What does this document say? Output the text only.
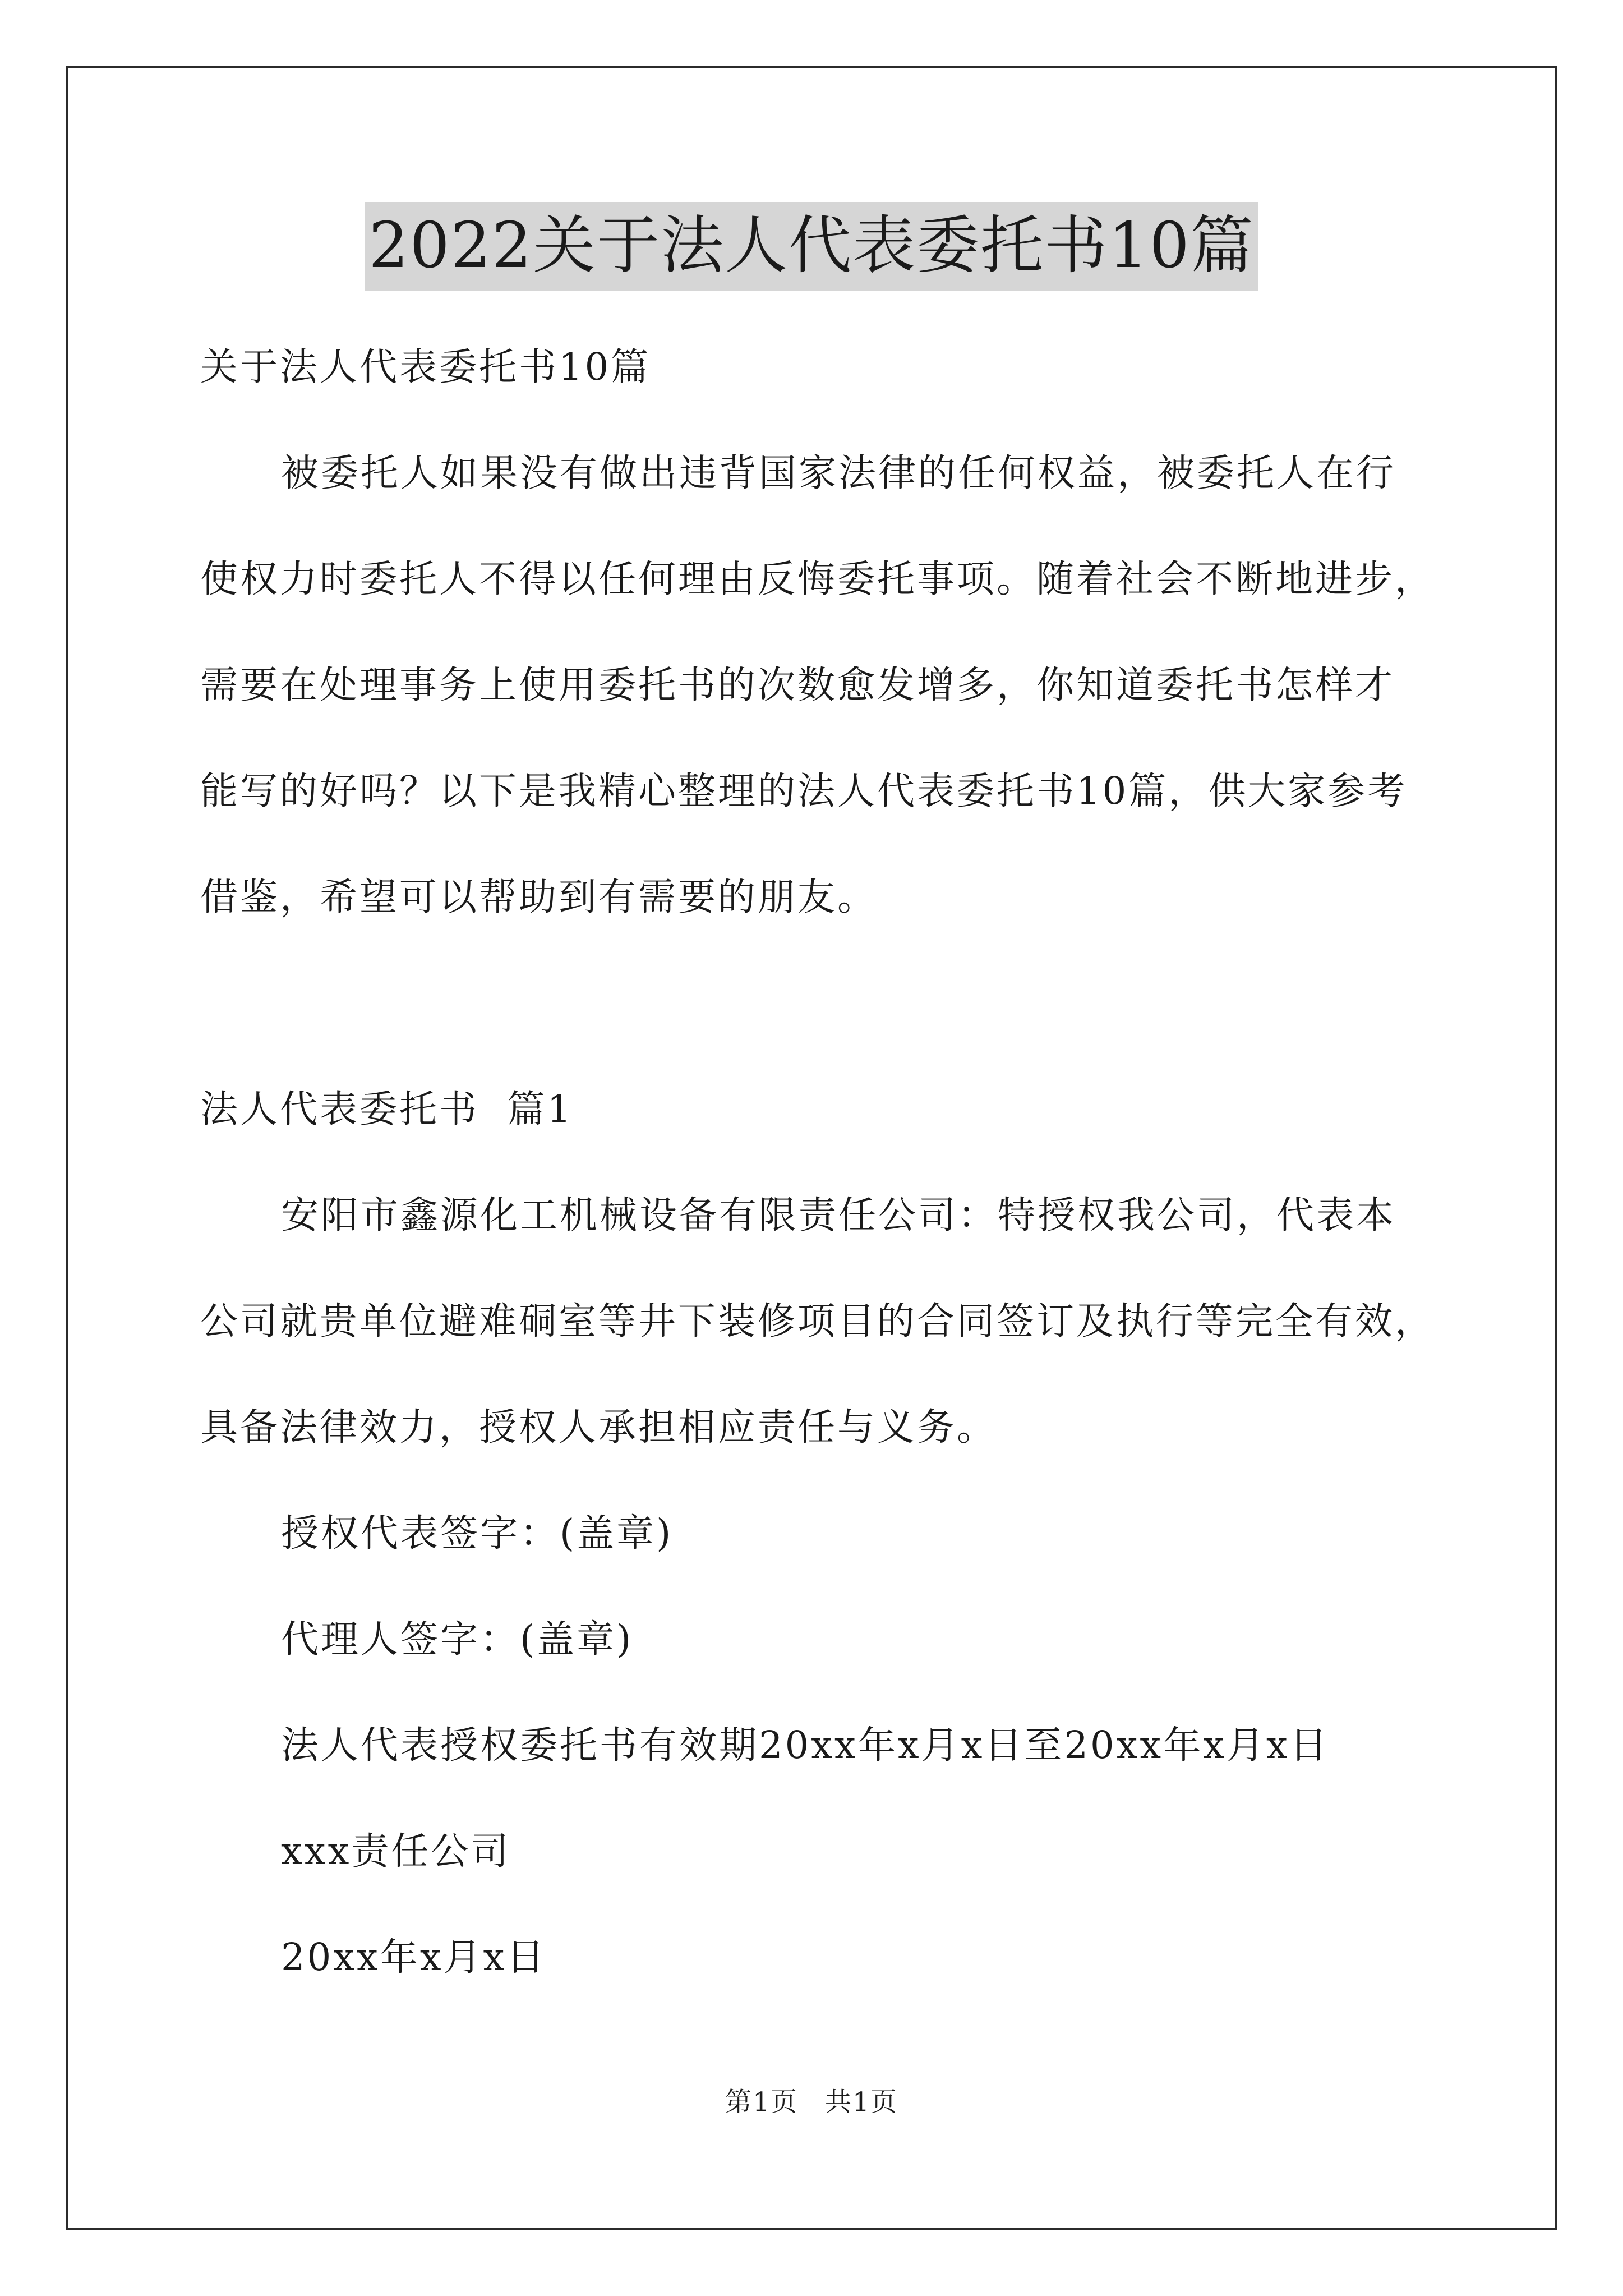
2022关于法人代表委托书10篇
关于法人代表委托书10篇
被委托人如果没有做出违背国家法律的任何权益，被委托人在行
使权力时委托人不得以任何理由反悔委托事项。随着社会不断地进步，
需要在处理事务上使用委托书的次数愈发增多，你知道委托书怎样才
能写的好吗？以下是我精心整理的法人代表委托书10篇，供大家参考
借鉴，希望可以帮助到有需要的朋友。
法人代表委托书  篇1
安阳市鑫源化工机械设备有限责任公司：特授权我公司，代表本
公司就贵单位避难硐室等井下装修项目的合同签订及执行等完全有效，
具备法律效力，授权人承担相应责任与义务。
授权代表签字：(盖章)
代理人签字：(盖章)
法人代表授权委托书有效期20xx年x月x日至20xx年x月x日
xxx责任公司
20xx年x月x日
第1页 共1页
